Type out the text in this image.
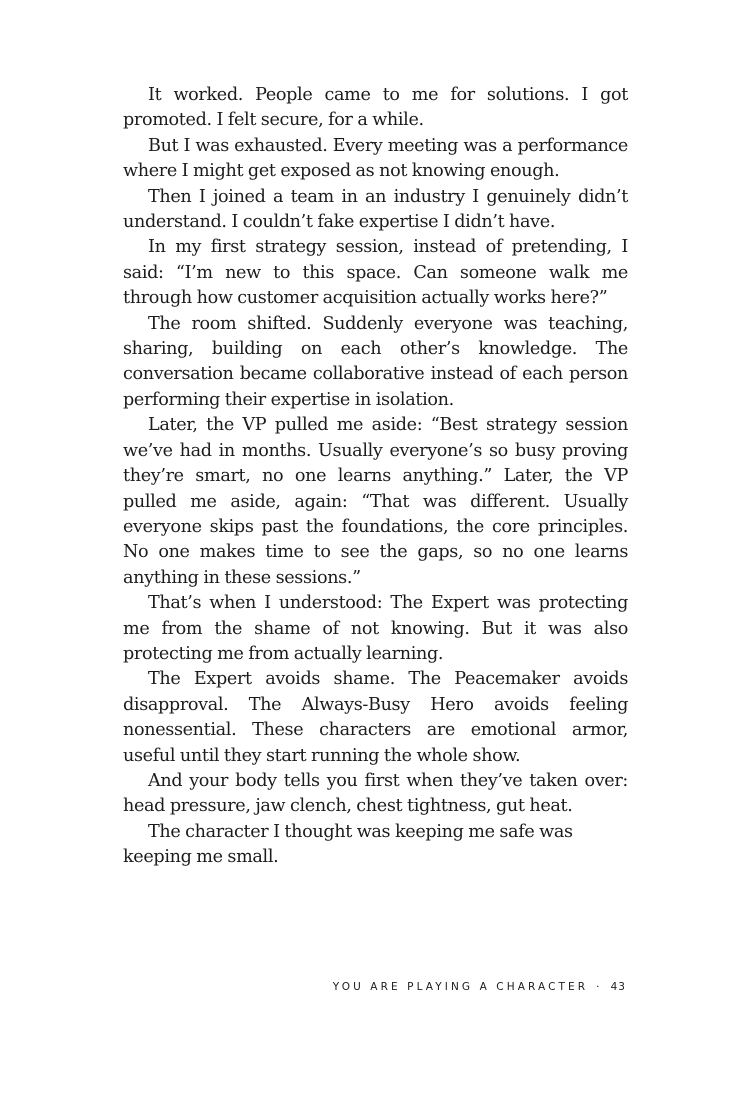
It worked. People came to me for solutions. I got promoted. I felt secure, for a while.

But I was exhausted. Every meeting was a performance where I might get exposed as not knowing enough.

Then I joined a team in an industry I genuinely didn’t understand. I couldn’t fake expertise I didn’t have.

In my first strategy session, instead of pretending, I said: “I’m new to this space. Can someone walk me through how customer acquisition actually works here?”

The room shifted. Suddenly everyone was teaching, sharing, building on each other’s knowledge. The conversation became collaborative instead of each person performing their expertise in isolation.

Later, the VP pulled me aside: “Best strategy session we’ve had in months. Usually everyone’s so busy proving they’re smart, no one learns anything.” Later, the VP pulled me aside, again: “That was different. Usually everyone skips past the foundations, the core principles. No one makes time to see the gaps, so no one learns anything in these sessions.”

That’s when I understood: The Expert was protecting me from the shame of not knowing. But it was also protecting me from actually learning.

The Expert avoids shame. The Peacemaker avoids disapproval. The Always-Busy Hero avoids feeling nonessential. These characters are emotional armor, useful until they start running the whole show.

And your body tells you first when they’ve taken over: head pressure, jaw clench, chest tightness, gut heat.

The character I thought was keeping me safe was keeping me small.

YOU ARE PLAYING A CHARACTER · 43
